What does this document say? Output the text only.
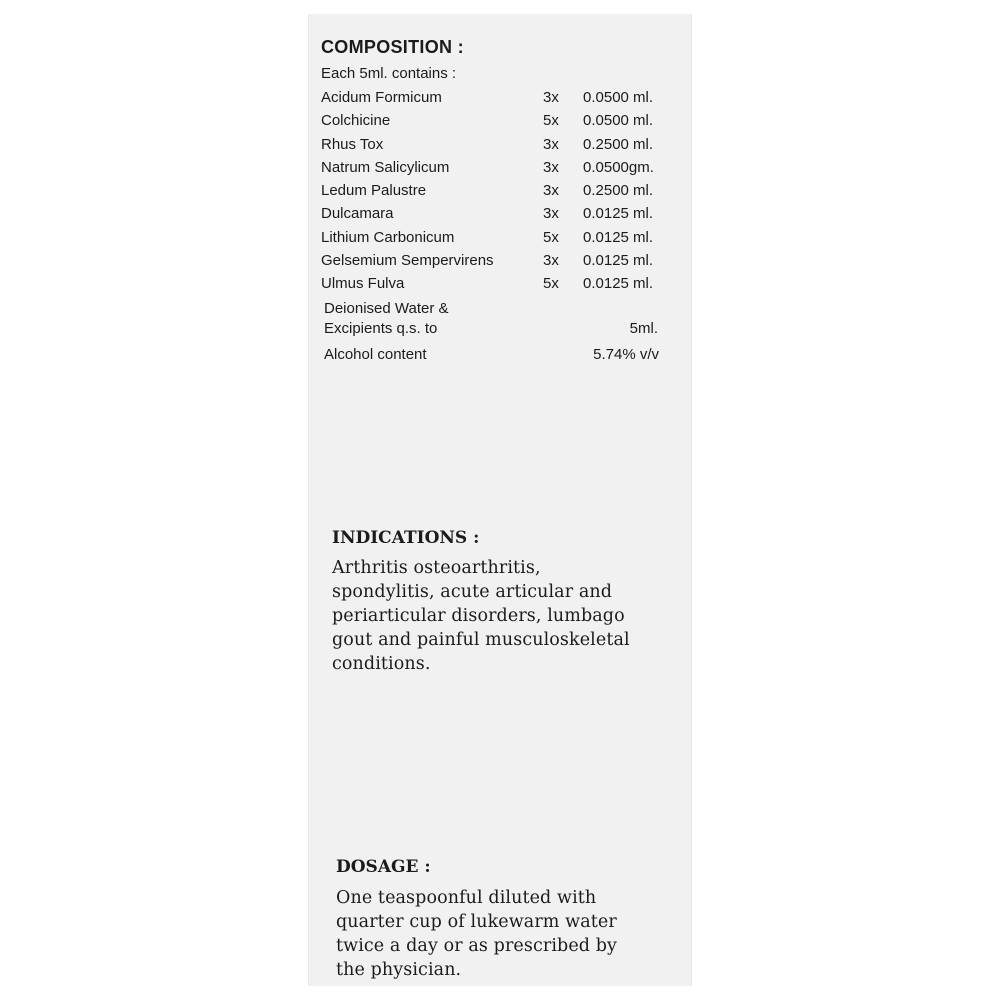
COMPOSITION :
Each 5ml. contains :
Acidum Formicum	3x 0.0500 ml.
Colchicine	5x 0.0500 ml.
Rhus Tox	3x 0.2500 ml.
Natrum Salicylicum	3x 0.0500gm.
Ledum Palustre	3x 0.2500 ml.
Dulcamara	3x 0.0125 ml.
Lithium Carbonicum	5x 0.0125 ml.
Gelsemium Sempervirens	3x 0.0125 ml.
Ulmus Fulva	5x 0.0125 ml.
Deionised Water &
Excipients q.s. to	5ml.
Alcohol content	5.74% v/v
INDICATIONS :
Arthritis osteoarthritis,
spondylitis, acute articular and
periarticular disorders, lumbago
gout and painful musculoskeletal
conditions.
DOSAGE :
One teaspoonful diluted with
quarter cup of lukewarm water
twice a day or as prescribed by
the physician.
